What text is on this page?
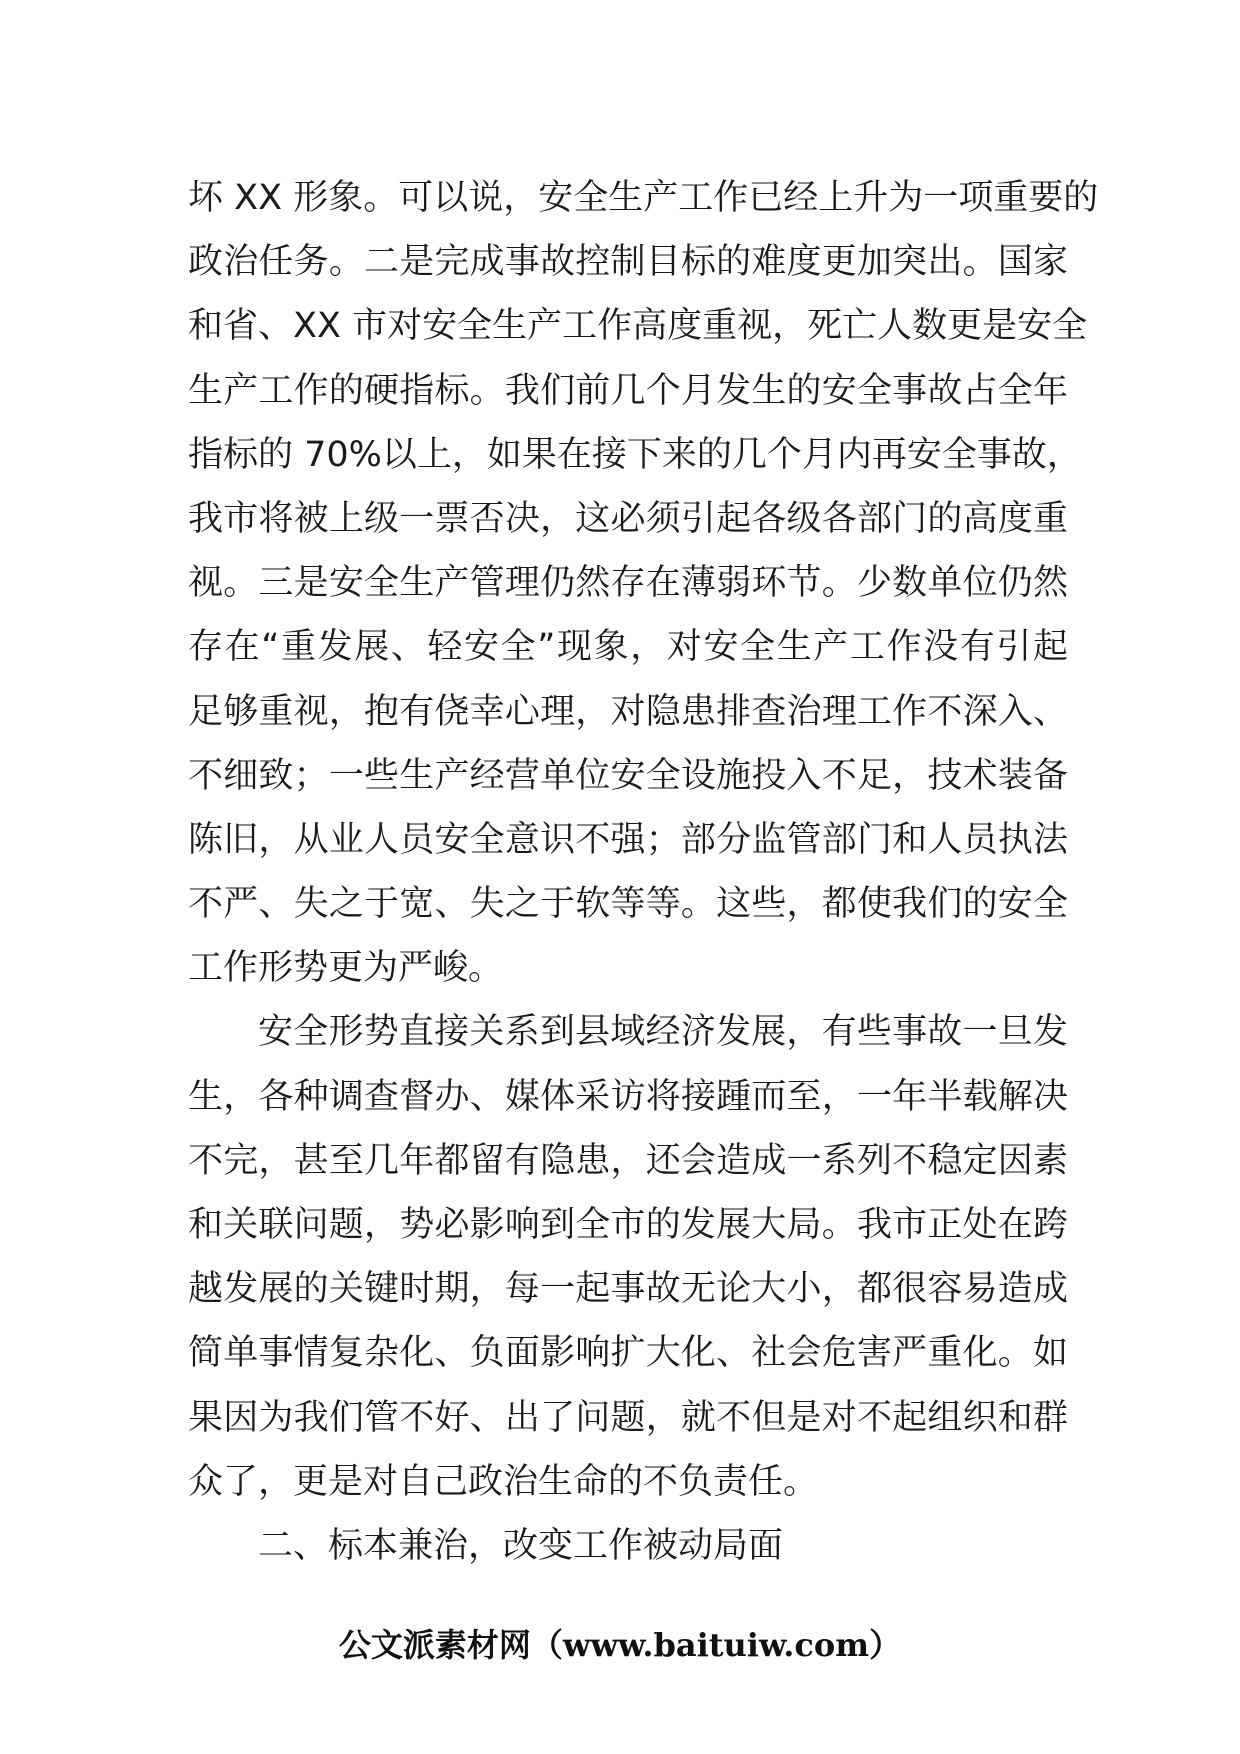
坏 XX 形象。可以说，安全生产工作已经上升为一项重要的
政治任务。二是完成事故控制目标的难度更加突出。国家
和省、XX 市对安全生产工作高度重视，死亡人数更是安全
生产工作的硬指标。我们前几个月发生的安全事故占全年
指标的 70%以上，如果在接下来的几个月内再安全事故，
我市将被上级一票否决，这必须引起各级各部门的高度重
视。三是安全生产管理仍然存在薄弱环节。少数单位仍然
存在“重发展、轻安全”现象，对安全生产工作没有引起
足够重视，抱有侥幸心理，对隐患排查治理工作不深入、
不细致；一些生产经营单位安全设施投入不足，技术装备
陈旧，从业人员安全意识不强；部分监管部门和人员执法
不严、失之于宽、失之于软等等。这些，都使我们的安全
工作形势更为严峻。
安全形势直接关系到县域经济发展，有些事故一旦发
生，各种调查督办、媒体采访将接踵而至，一年半载解决
不完，甚至几年都留有隐患，还会造成一系列不稳定因素
和关联问题，势必影响到全市的发展大局。我市正处在跨
越发展的关键时期，每一起事故无论大小，都很容易造成
简单事情复杂化、负面影响扩大化、社会危害严重化。如
果因为我们管不好、出了问题，就不但是对不起组织和群
众了，更是对自己政治生命的不负责任。
二、标本兼治，改变工作被动局面
公文派素材网（www.baituiw.com）
